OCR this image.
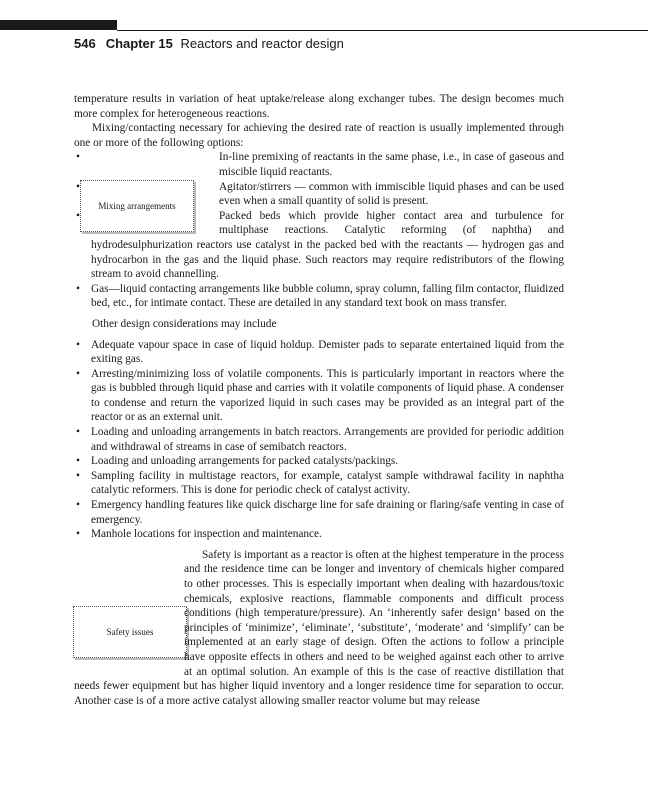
546 Chapter 15 Reactors and reactor design
Mixing arrangements
Safety issues

temperature results in variation of heat uptake/release along exchanger tubes. The design becomes much more complex for heterogeneous reactions.

Mixing/contacting necessary for achieving the desired rate of reaction is usually implemented through one or more of the following options:

• In-line premixing of reactants in the same phase, i.e., in case of gaseous and miscible liquid reactants.
• Agitator/stirrers — common with immiscible liquid phases and can be used even when a small quantity of solid is present.
• Packed beds which provide higher contact area and turbulence for multiphase reactions. Catalytic reforming (of naphtha) and hydrodesulphurization reactors use catalyst in the packed bed with the reactants — hydrogen gas and hydrocarbon in the gas and the liquid phase. Such reactors may require redistributors of the flowing stream to avoid channelling.
• Gas—liquid contacting arrangements like bubble column, spray column, falling film contactor, fluidized bed, etc., for intimate contact. These are detailed in any standard text book on mass transfer.

Other design considerations may include

• Adequate vapour space in case of liquid holdup. Demister pads to separate entertained liquid from the exiting gas.
• Arresting/minimizing loss of volatile components. This is particularly important in reactors where the gas is bubbled through liquid phase and carries with it volatile components of liquid phase. A condenser to condense and return the vaporized liquid in such cases may be provided as an integral part of the reactor or as an external unit.
• Loading and unloading arrangements in batch reactors. Arrangements are provided for periodic addition and withdrawal of streams in case of semibatch reactors.
• Loading and unloading arrangements for packed catalysts/packings.
• Sampling facility in multistage reactors, for example, catalyst sample withdrawal facility in naphtha catalytic reformers. This is done for periodic check of catalyst activity.
• Emergency handling features like quick discharge line for safe draining or flaring/safe venting in case of emergency.
• Manhole locations for inspection and maintenance.

Safety is important as a reactor is often at the highest temperature in the process and the residence time can be longer and inventory of chemicals higher compared to other processes. This is especially important when dealing with hazardous/toxic chemicals, explosive reactions, flammable components and difficult process conditions (high temperature/pressure). An ‘inherently safer design’ based on the principles of ‘minimize’, ‘eliminate’, ‘substitute’, ‘moderate’ and ‘simplify’ can be implemented at an early stage of design. Often the actions to follow a principle have opposite effects in others and need to be weighed against each other to arrive at an optimal solution. An example of this is the case of reactive distillation that needs fewer equipment but has higher liquid inventory and a longer residence time for separation to occur. Another case is of a more active catalyst allowing smaller reactor volume but may release
